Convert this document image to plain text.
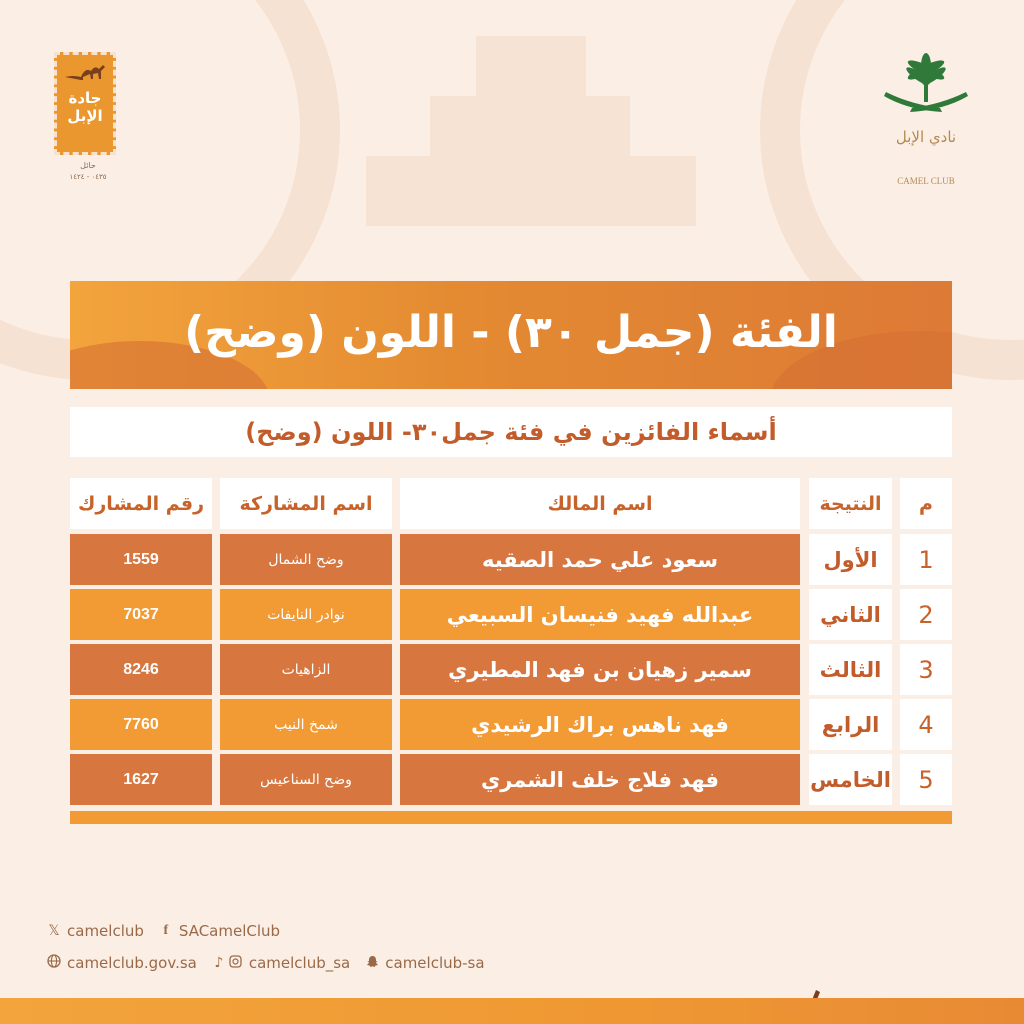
جادة الإبل
حائل
٠٤٣٥ - ١٤٢٤
نادي الإبل
CAMEL CLUB
الفئة (جمل ٣٠) - اللون (وضح)
أسماء الفائزين في فئة جمل٣٠- اللون (وضح)
م
النتيجة
اسم المالك
اسم المشاركة
رقم المشارك
1
الأول
سعود علي حمد الصقيه
وضح الشمال
1559
2
الثاني
عبدالله فهيد فنيسان السبيعي
نوادر النايفات
7037
3
الثالث
سمير زهيان بن فهد المطيري
الزاهيات
8246
4
الرابع
فهد ناهس براك الرشيدي
شمخ النيب
7760
5
الخامس
فهد فلاج خلف الشمري
وضح السناعيس
1627
𝕏 camelclub	f SACamelClub
camelclub.gov.sa ♪ camelclub_sa camelclub-sa
